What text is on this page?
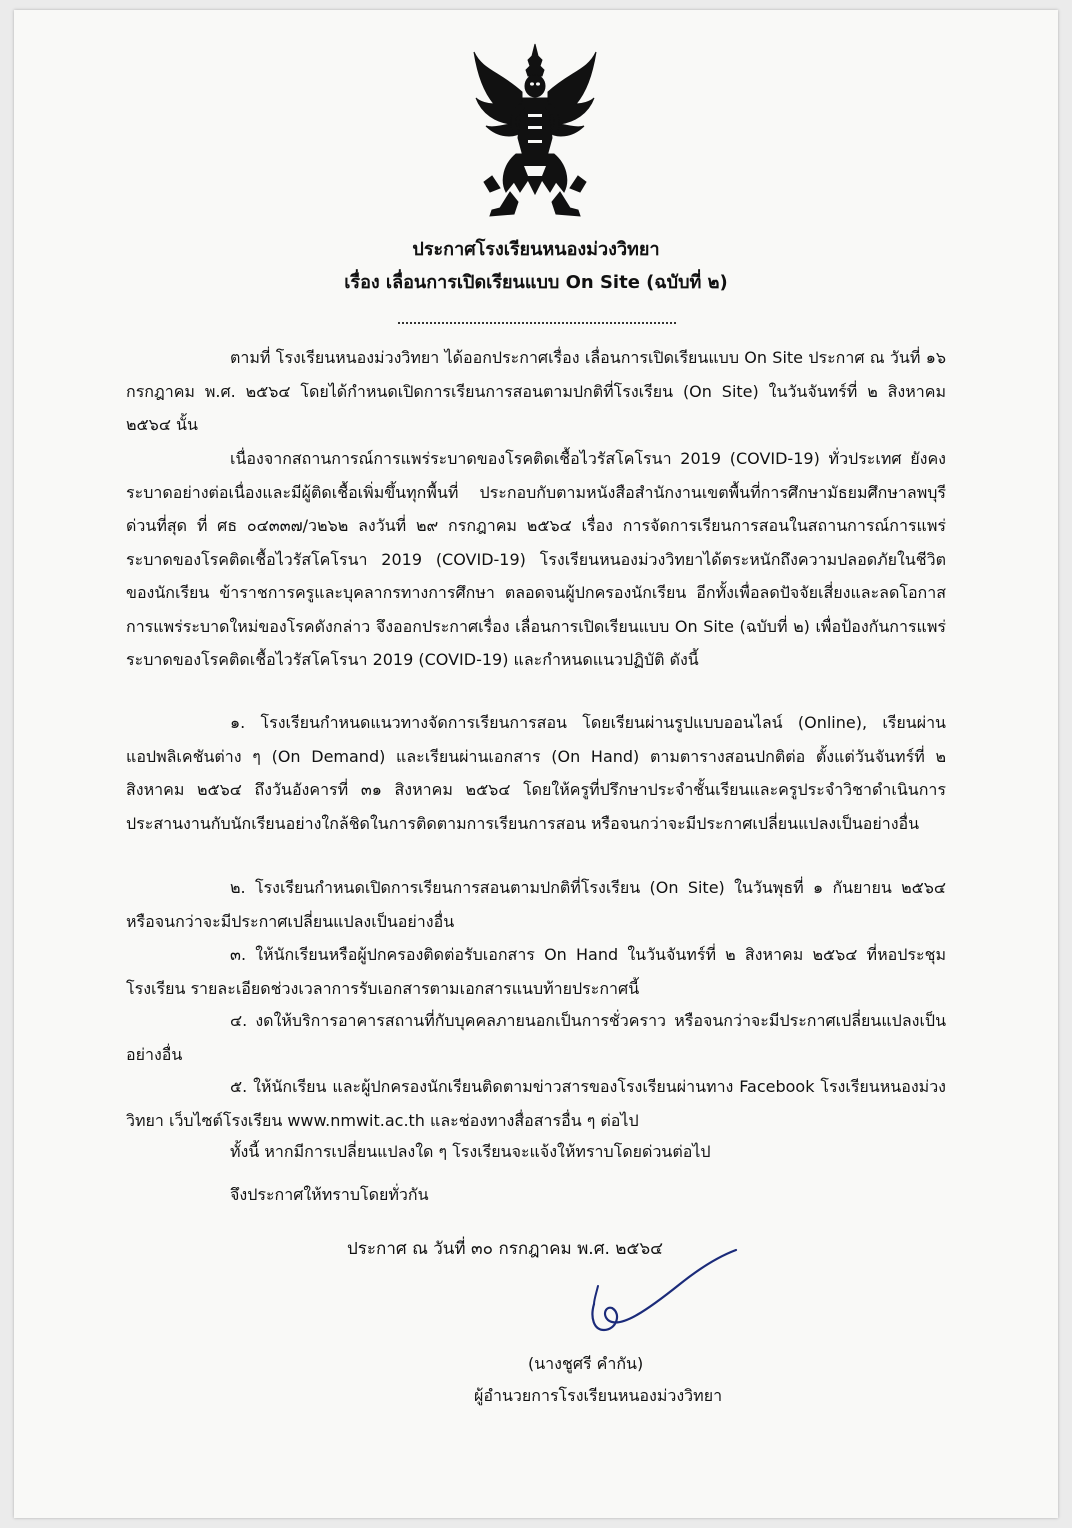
ประกาศโรงเรียนหนองม่วงวิทยา
เรื่อง เลื่อนการเปิดเรียนแบบ On Site (ฉบับที่ ๒)

ตามที่ โรงเรียนหนองม่วงวิทยา ได้ออกประกาศเรื่อง เลื่อนการเปิดเรียนแบบ On Site ประกาศ ณ วันที่ ๑๖ กรกฎาคม พ.ศ. ๒๕๖๔ โดยได้กำหนดเปิดการเรียนการสอนตามปกติที่โรงเรียน (On Site) ในวันจันทร์ที่ ๒ สิงหาคม ๒๕๖๔ นั้น

เนื่องจากสถานการณ์การแพร่ระบาดของโรคติดเชื้อไวรัสโคโรนา 2019 (COVID-19) ทั่วประเทศ ยังคงระบาดอย่างต่อเนื่องและมีผู้ติดเชื้อเพิ่มขึ้นทุกพื้นที่ ประกอบกับตามหนังสือสำนักงานเขตพื้นที่การศึกษามัธยมศึกษาลพบุรี ด่วนที่สุด ที่ ศธ ๐๔๓๓๗/ว๒๖๒ ลงวันที่ ๒๙ กรกฎาคม ๒๕๖๔ เรื่อง การจัดการเรียนการสอนในสถานการณ์การแพร่ระบาดของโรคติดเชื้อไวรัสโคโรนา 2019 (COVID-19) โรงเรียนหนองม่วงวิทยาได้ตระหนักถึงความปลอดภัยในชีวิตของนักเรียน ข้าราชการครูและบุคลากรทางการศึกษา ตลอดจนผู้ปกครองนักเรียน อีกทั้งเพื่อลดปัจจัยเสี่ยงและลดโอกาสการแพร่ระบาดใหม่ของโรคดังกล่าว จึงออกประกาศเรื่อง เลื่อนการเปิดเรียนแบบ On Site (ฉบับที่ ๒) เพื่อป้องกันการแพร่ระบาดของโรคติดเชื้อไวรัสโคโรนา 2019 (COVID-19) และกำหนดแนวปฏิบัติ ดังนี้

๑. โรงเรียนกำหนดแนวทางจัดการเรียนการสอน โดยเรียนผ่านรูปแบบออนไลน์ (Online), เรียนผ่านแอปพลิเคชันต่าง ๆ (On Demand) และเรียนผ่านเอกสาร (On Hand) ตามตารางสอนปกติต่อ ตั้งแต่วันจันทร์ที่ ๒ สิงหาคม ๒๕๖๔ ถึงวันอังคารที่ ๓๑ สิงหาคม ๒๕๖๔ โดยให้ครูที่ปรึกษาประจำชั้นเรียนและครูประจำวิชาดำเนินการประสานงานกับนักเรียนอย่างใกล้ชิดในการติดตามการเรียนการสอน หรือจนกว่าจะมีประกาศเปลี่ยนแปลงเป็นอย่างอื่น

๒. โรงเรียนกำหนดเปิดการเรียนการสอนตามปกติที่โรงเรียน (On Site) ในวันพุธที่ ๑ กันยายน ๒๕๖๔ หรือจนกว่าจะมีประกาศเปลี่ยนแปลงเป็นอย่างอื่น

๓. ให้นักเรียนหรือผู้ปกครองติดต่อรับเอกสาร On Hand ในวันจันทร์ที่ ๒ สิงหาคม ๒๕๖๔ ที่หอประชุมโรงเรียน รายละเอียดช่วงเวลาการรับเอกสารตามเอกสารแนบท้ายประกาศนี้

๔. งดให้บริการอาคารสถานที่กับบุคคลภายนอกเป็นการชั่วคราว หรือจนกว่าจะมีประกาศเปลี่ยนแปลงเป็นอย่างอื่น

๕. ให้นักเรียน และผู้ปกครองนักเรียนติดตามข่าวสารของโรงเรียนผ่านทาง Facebook โรงเรียนหนองม่วงวิทยา เว็บไซต์โรงเรียน www.nmwit.ac.th และช่องทางสื่อสารอื่น ๆ ต่อไป

ทั้งนี้ หากมีการเปลี่ยนแปลงใด ๆ โรงเรียนจะแจ้งให้ทราบโดยด่วนต่อไป

จึงประกาศให้ทราบโดยทั่วกัน
ประกาศ ณ วันที่ ๓๐ กรกฎาคม พ.ศ. ๒๕๖๔
(นางชูศรี คำกัน)
ผู้อำนวยการโรงเรียนหนองม่วงวิทยา
